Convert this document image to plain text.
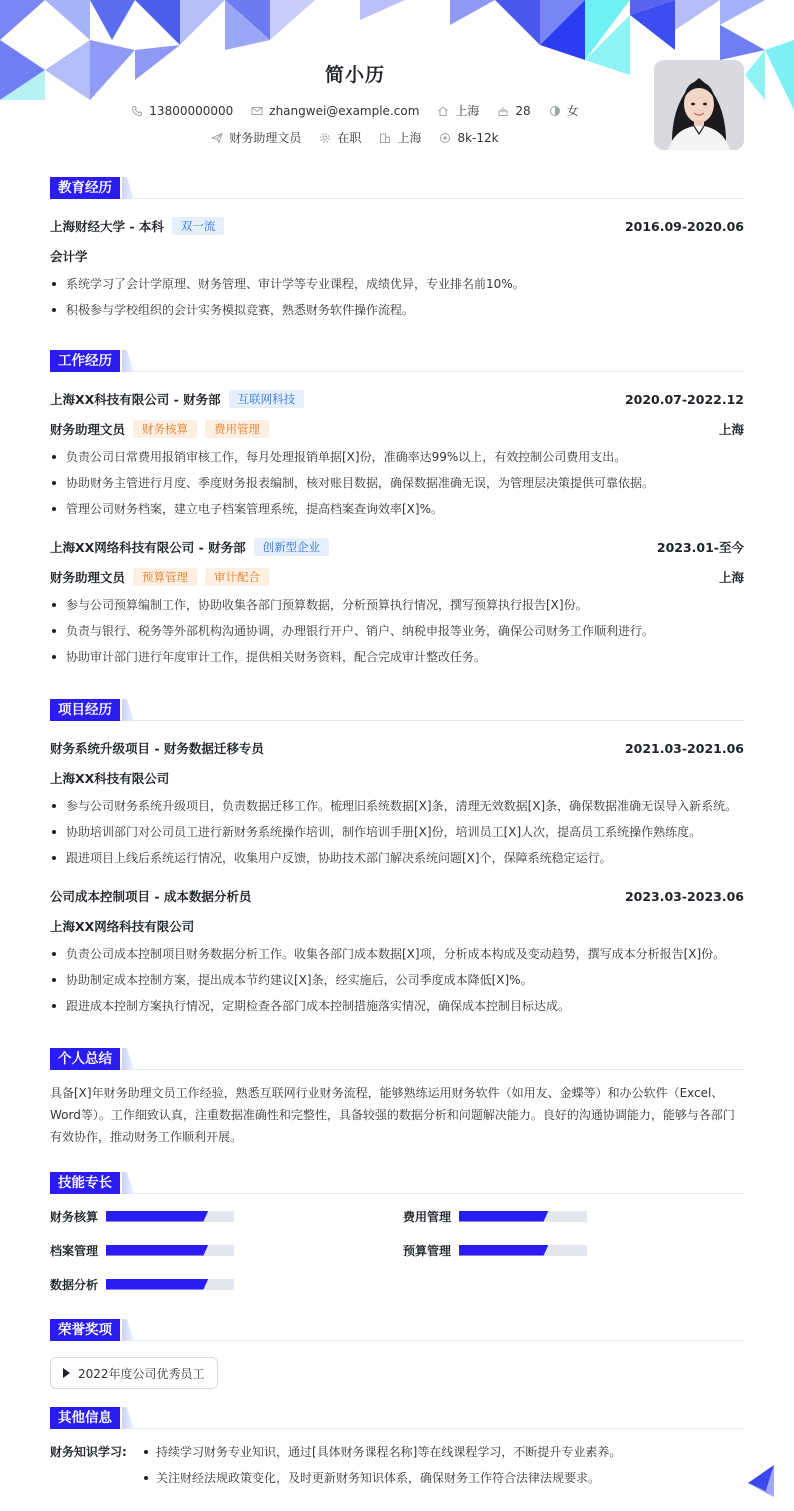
简小历
13800000000	zhangwei@example.com	上海	28	女
财务助理文员	在职	上海	8k-12k
教育经历
上海财经大学 - 本科	双一流	2016.09-2020.06
会计学
系统学习了会计学原理、财务管理、审计学等专业课程，成绩优异，专业排名前10%。
积极参与学校组织的会计实务模拟竞赛，熟悉财务软件操作流程。
工作经历
上海XX科技有限公司 - 财务部	互联网科技	2020.07-2022.12
财务助理文员	财务核算	费用管理	上海
负责公司日常费用报销审核工作，每月处理报销单据[X]份，准确率达99%以上，有效控制公司费用支出。
协助财务主管进行月度、季度财务报表编制，核对账目数据，确保数据准确无误，为管理层决策提供可靠依据。
管理公司财务档案，建立电子档案管理系统，提高档案查询效率[X]%。
上海XX网络科技有限公司 - 财务部	创新型企业	2023.01-至今
财务助理文员	预算管理	审计配合	上海
参与公司预算编制工作，协助收集各部门预算数据，分析预算执行情况，撰写预算执行报告[X]份。
负责与银行、税务等外部机构沟通协调，办理银行开户、销户、纳税申报等业务，确保公司财务工作顺利进行。
协助审计部门进行年度审计工作，提供相关财务资料，配合完成审计整改任务。
项目经历
财务系统升级项目 - 财务数据迁移专员	2021.03-2021.06
上海XX科技有限公司
参与公司财务系统升级项目，负责数据迁移工作。梳理旧系统数据[X]条，清理无效数据[X]条，确保数据准确无误导入新系统。
协助培训部门对公司员工进行新财务系统操作培训，制作培训手册[X]份，培训员工[X]人次，提高员工系统操作熟练度。
跟进项目上线后系统运行情况，收集用户反馈，协助技术部门解决系统问题[X]个，保障系统稳定运行。
公司成本控制项目 - 成本数据分析员	2023.03-2023.06
上海XX网络科技有限公司
负责公司成本控制项目财务数据分析工作。收集各部门成本数据[X]项，分析成本构成及变动趋势，撰写成本分析报告[X]份。
协助制定成本控制方案，提出成本节约建议[X]条，经实施后，公司季度成本降低[X]%。
跟进成本控制方案执行情况，定期检查各部门成本控制措施落实情况，确保成本控制目标达成。
个人总结

具备[X]年财务助理文员工作经验，熟悉互联网行业财务流程，能够熟练运用财务软件（如用友、金蝶等）和办公软件（Excel、Word等）。工作细致认真，注重数据准确性和完整性，具备较强的数据分析和问题解决能力。良好的沟通协调能力，能够与各部门有效协作，推动财务工作顺利开展。

技能专长
财务核算	费用管理
档案管理	预算管理
数据分析
荣誉奖项
2022年度公司优秀员工
其他信息
财务知识学习:	持续学习财务专业知识，通过[具体财务课程名称]等在线课程学习，不断提升专业素养。
关注财经法规政策变化，及时更新财务知识体系，确保财务工作符合法律法规要求。
